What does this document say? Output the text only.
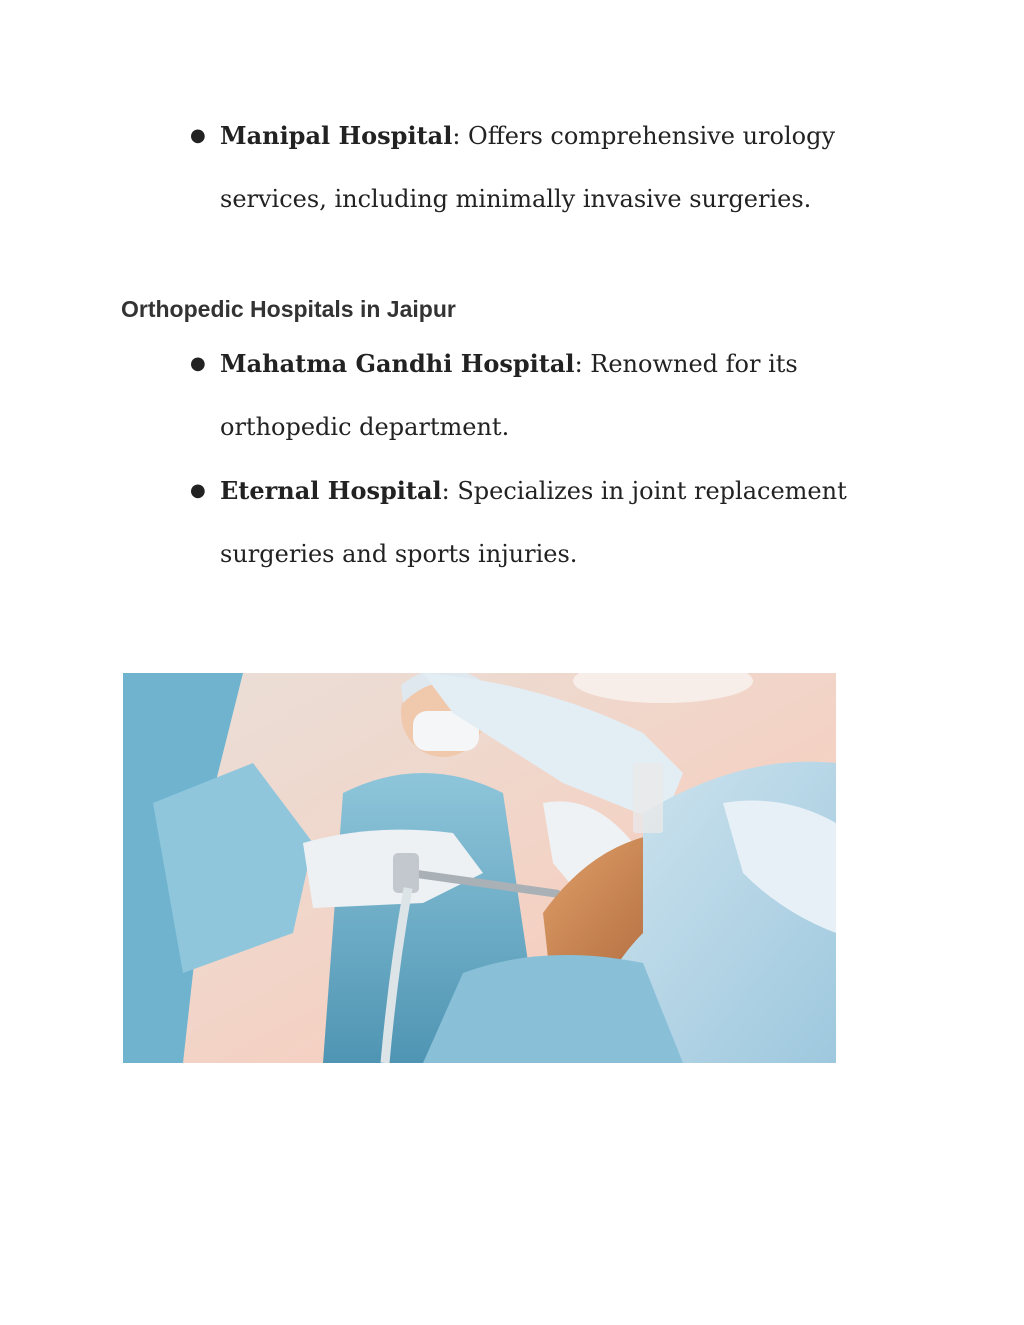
● Manipal Hospital: Offers comprehensive urology services, including minimally invasive surgeries.
Orthopedic Hospitals in Jaipur
● Mahatma Gandhi Hospital: Renowned for its orthopedic department.
● Eternal Hospital: Specializes in joint replacement surgeries and sports injuries.
